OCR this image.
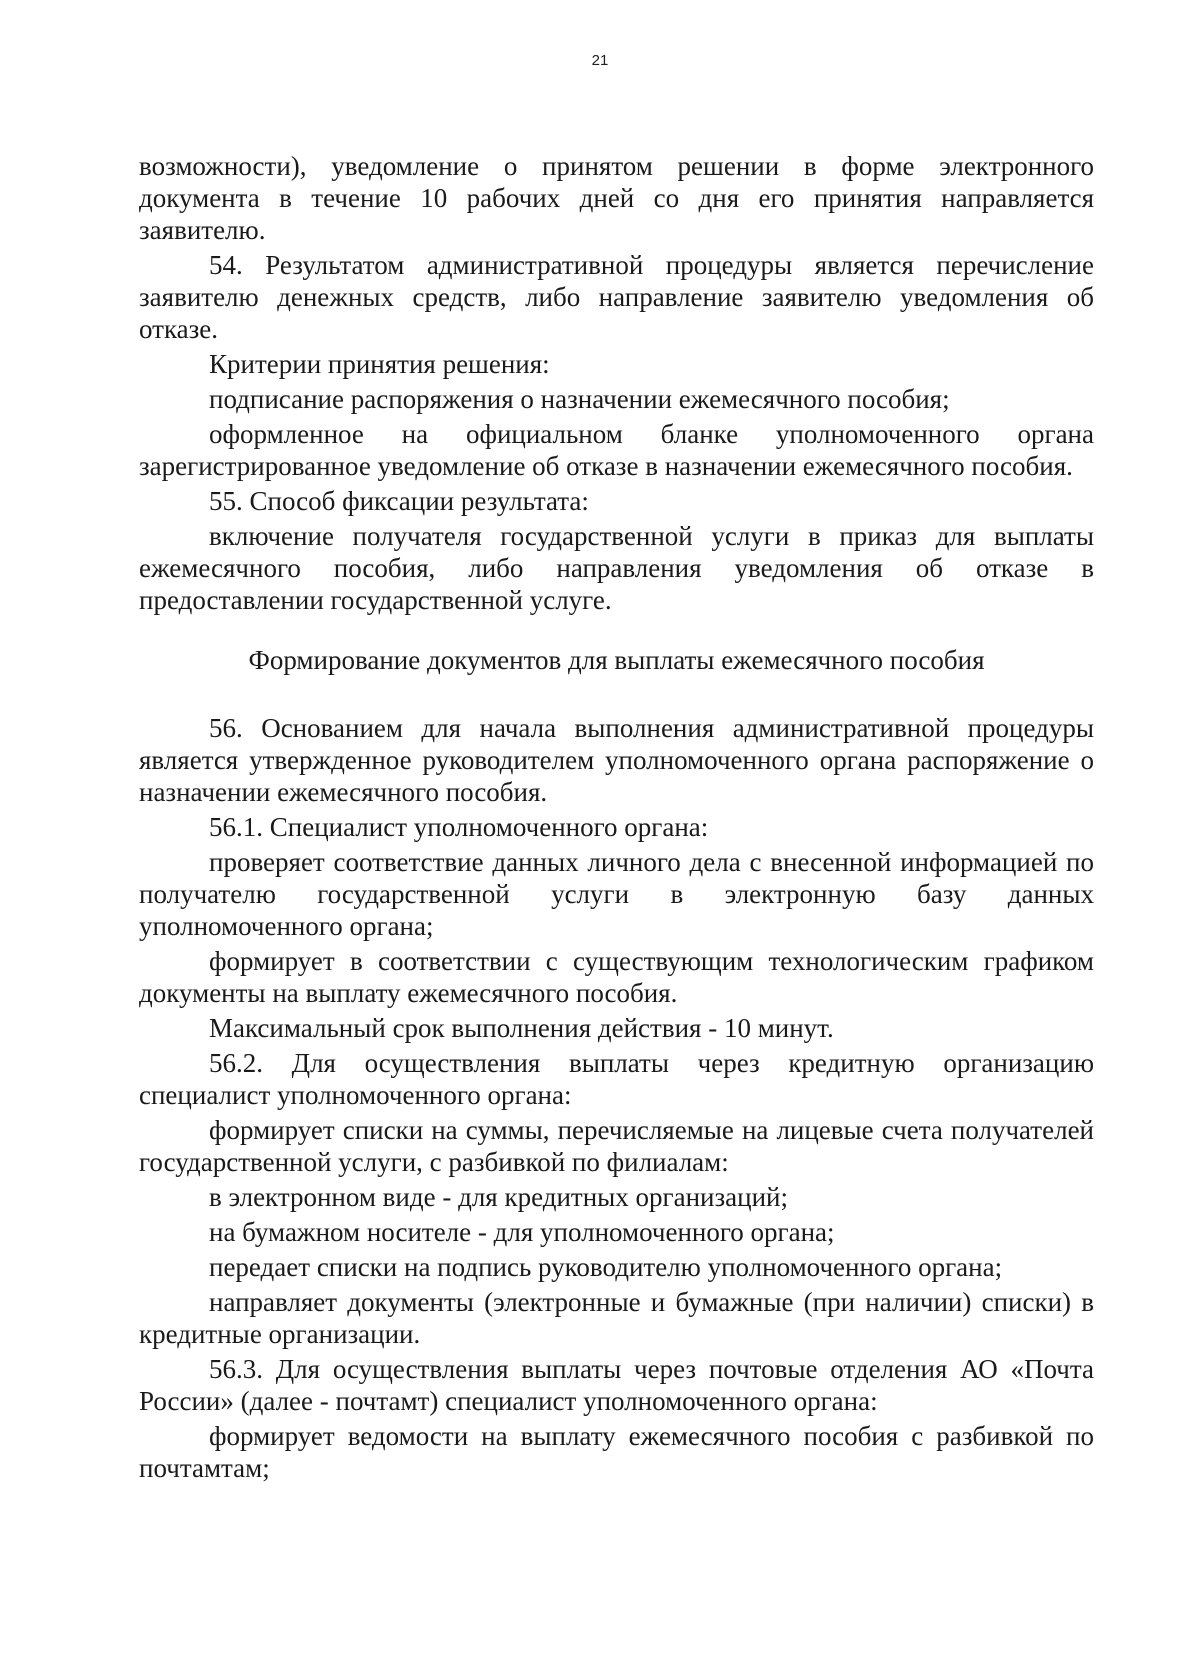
21

возможности), уведомление о принятом решении в форме электронного документа в течение 10 рабочих дней со дня его принятия направляется заявителю.

54. Результатом административной процедуры является перечисление заявителю денежных средств, либо направление заявителю уведомления об отказе.

Критерии принятия решения:

подписание распоряжения о назначении ежемесячного пособия;

оформленное на официальном бланке уполномоченного органа зарегистрированное уведомление об отказе в назначении ежемесячного пособия.

55. Способ фиксации результата:

включение получателя государственной услуги в приказ для выплаты ежемесячного пособия, либо направления уведомления об отказе в предоставлении государственной услуге.

Формирование документов для выплаты ежемесячного пособия

56. Основанием для начала выполнения административной процедуры является утвержденное руководителем уполномоченного органа распоряжение о назначении ежемесячного пособия.

56.1. Специалист уполномоченного органа:

проверяет соответствие данных личного дела с внесенной информацией по получателю государственной услуги в электронную базу данных уполномоченного органа;

формирует в соответствии с существующим технологическим графиком документы на выплату ежемесячного пособия.

Максимальный срок выполнения действия - 10 минут.

56.2. Для осуществления выплаты через кредитную организацию специалист уполномоченного органа:

формирует списки на суммы, перечисляемые на лицевые счета получателей государственной услуги, с разбивкой по филиалам:

в электронном виде - для кредитных организаций;

на бумажном носителе - для уполномоченного органа;

передает списки на подпись руководителю уполномоченного органа;

направляет документы (электронные и бумажные (при наличии) списки) в кредитные организации.

56.3. Для осуществления выплаты через почтовые отделения АО «Почта России» (далее - почтамт) специалист уполномоченного органа:

формирует ведомости на выплату ежемесячного пособия с разбивкой по почтамтам;
